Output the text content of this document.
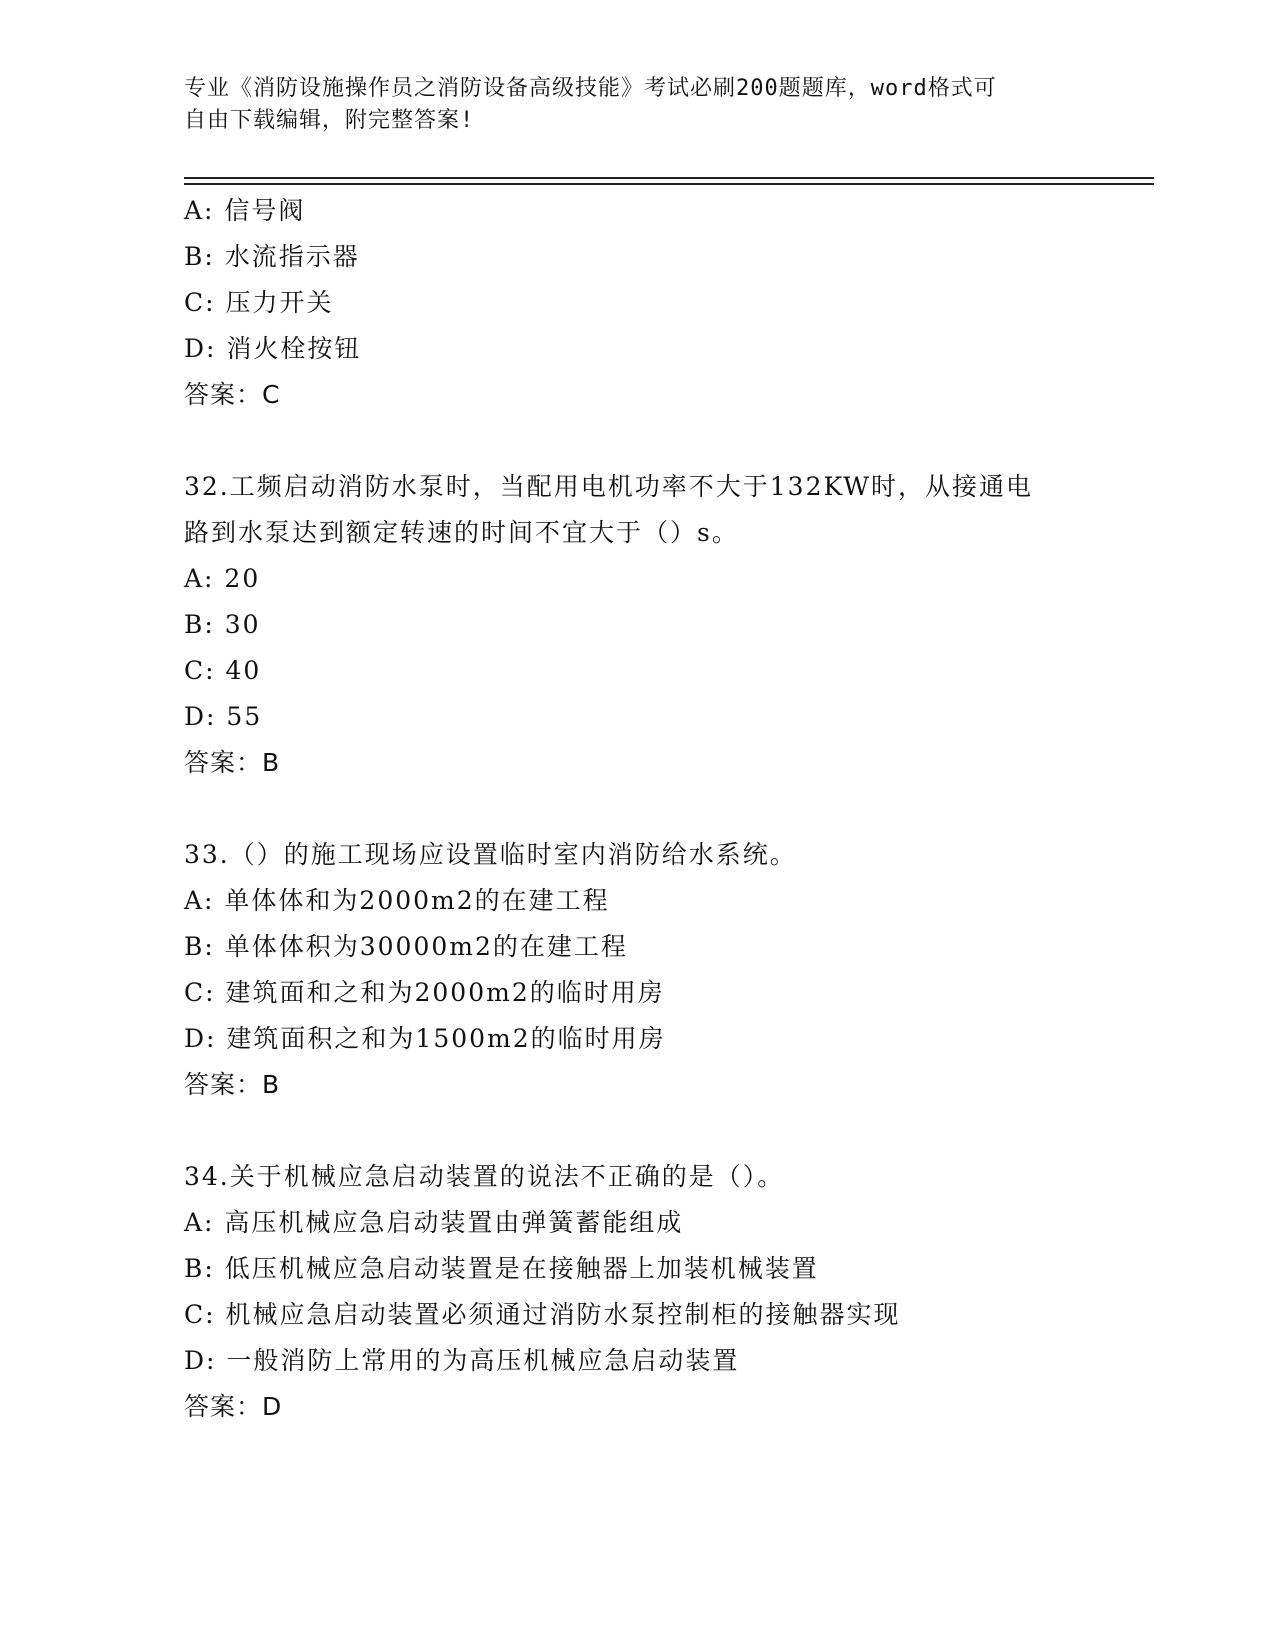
专业《消防设施操作员之消防设备高级技能》考试必刷200题题库，word格式可
自由下载编辑，附完整答案!
A: 信号阀
B: 水流指示器
C: 压力开关
D: 消火栓按钮
答案：C
32.工频启动消防水泵时，当配用电机功率不大于132KW时，从接通电
路到水泵达到额定转速的时间不宜大于（）s。
A: 20
B: 30
C: 40
D: 55
答案：B
33.（）的施工现场应设置临时室内消防给水系统。
A: 单体体和为2000m2的在建工程
B: 单体体积为30000m2的在建工程
C: 建筑面和之和为2000m2的临时用房
D: 建筑面积之和为1500m2的临时用房
答案：B
34.关于机械应急启动装置的说法不正确的是（）。
A: 高压机械应急启动装置由弹簧蓄能组成
B: 低压机械应急启动装置是在接触器上加装机械装置
C: 机械应急启动装置必须通过消防水泵控制柜的接触器实现
D: 一般消防上常用的为高压机械应急启动装置
答案：D
